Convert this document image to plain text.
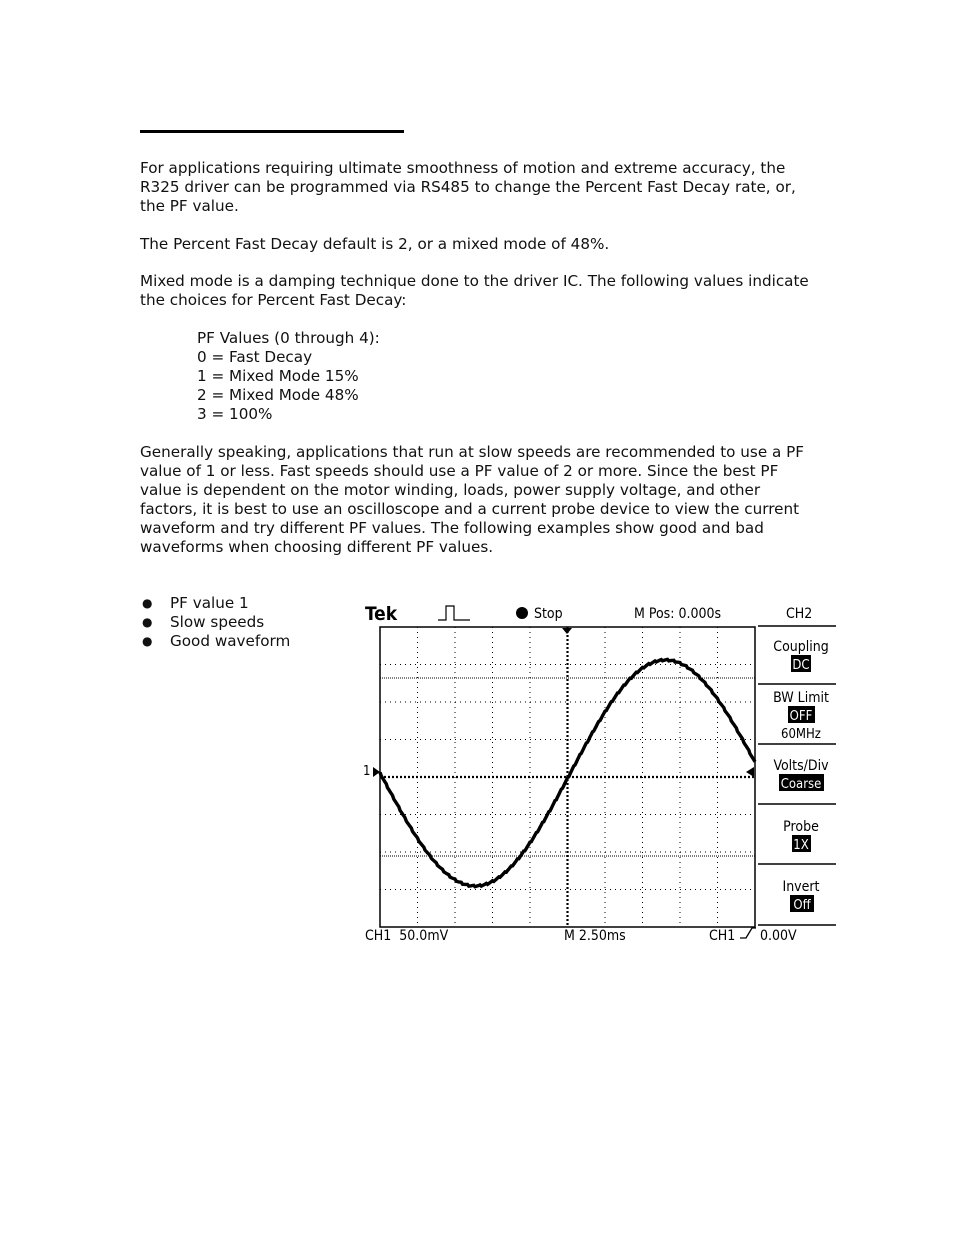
For applications requiring ultimate smoothness of motion and extreme accuracy, the R325 driver can be programmed via RS485 to change the Percent Fast Decay rate, or, the PF value.

The Percent Fast Decay default is 2, or a mixed mode of 48%.

Mixed mode is a damping technique done to the driver IC. The following values indicate the choices for Percent Fast Decay:

PF Values (0 through 4):
0 = Fast Decay
1 = Mixed Mode 15%
2 = Mixed Mode 48%
3 = 100%

Generally speaking, applications that run at slow speeds are recommended to use a PF value of 1 or less. Fast speeds should use a PF value of 2 or more. Since the best PF value is dependent on the motor winding, loads, power supply voltage, and other factors, it is best to use an oscilloscope and a current probe device to view the current waveform and try different PF values. The following examples show good and bad waveforms when choosing different PF values.

● PF value 1
● Slow speeds
● Good waveform
Tek	Stop	M Pos: 0.000s	CH2
1
Coupling
DC
BW Limit
OFF
60MHz
Volts/Div
Coarse
Probe
1X
Invert
Off
CH1  50.0mV	M 2.50ms	CH1 0.00V
